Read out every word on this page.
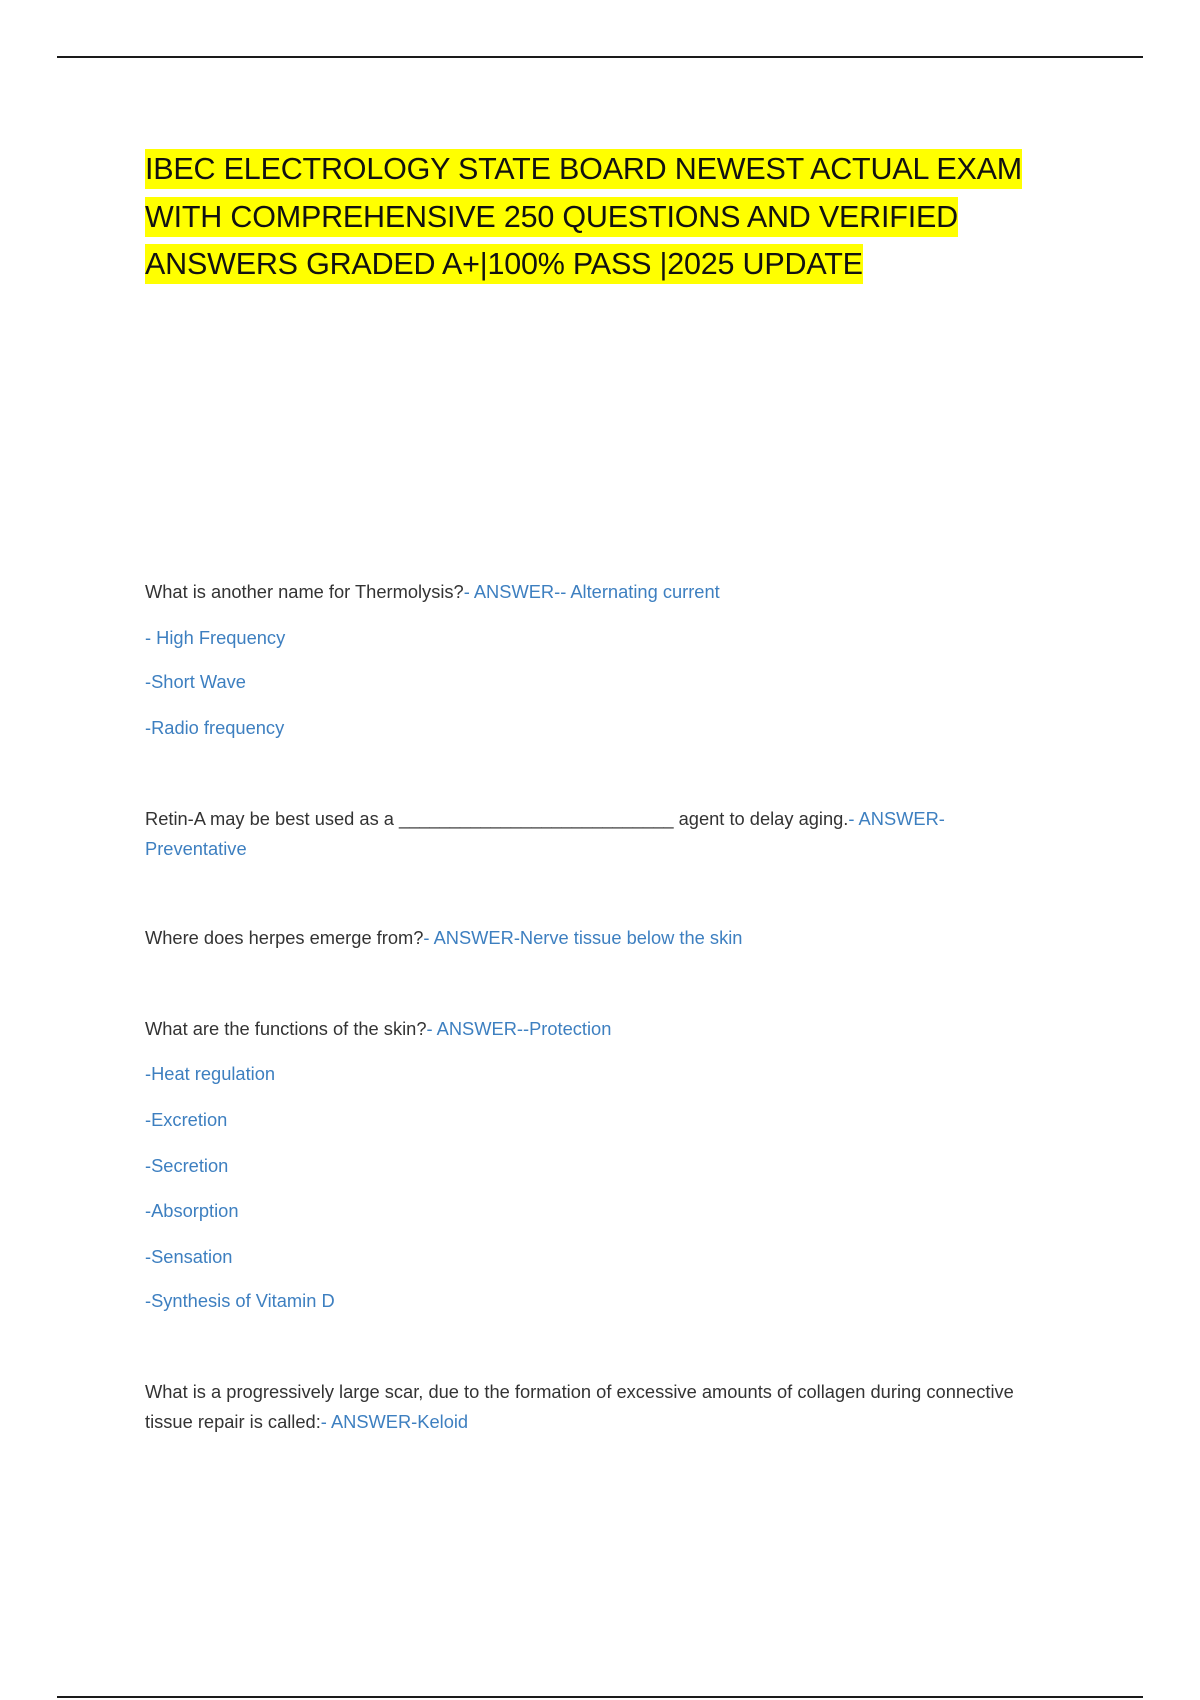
IBEC ELECTROLOGY STATE BOARD NEWEST ACTUAL EXAM WITH COMPREHENSIVE 250 QUESTIONS AND VERIFIED ANSWERS GRADED A+|100% PASS |2025 UPDATE

What is another name for Thermolysis?- ANSWER-- Alternating current

- High Frequency
-Short Wave
-Radio frequency

Retin-A may be best used as a ___________________________ agent to delay aging.- ANSWER-Preventative

Where does herpes emerge from?- ANSWER-Nerve tissue below the skin

What are the functions of the skin?- ANSWER--Protection

-Heat regulation
-Excretion
-Secretion
-Absorption
-Sensation
-Synthesis of Vitamin D

What is a progressively large scar, due to the formation of excessive amounts of collagen during connective tissue repair is called:- ANSWER-Keloid
